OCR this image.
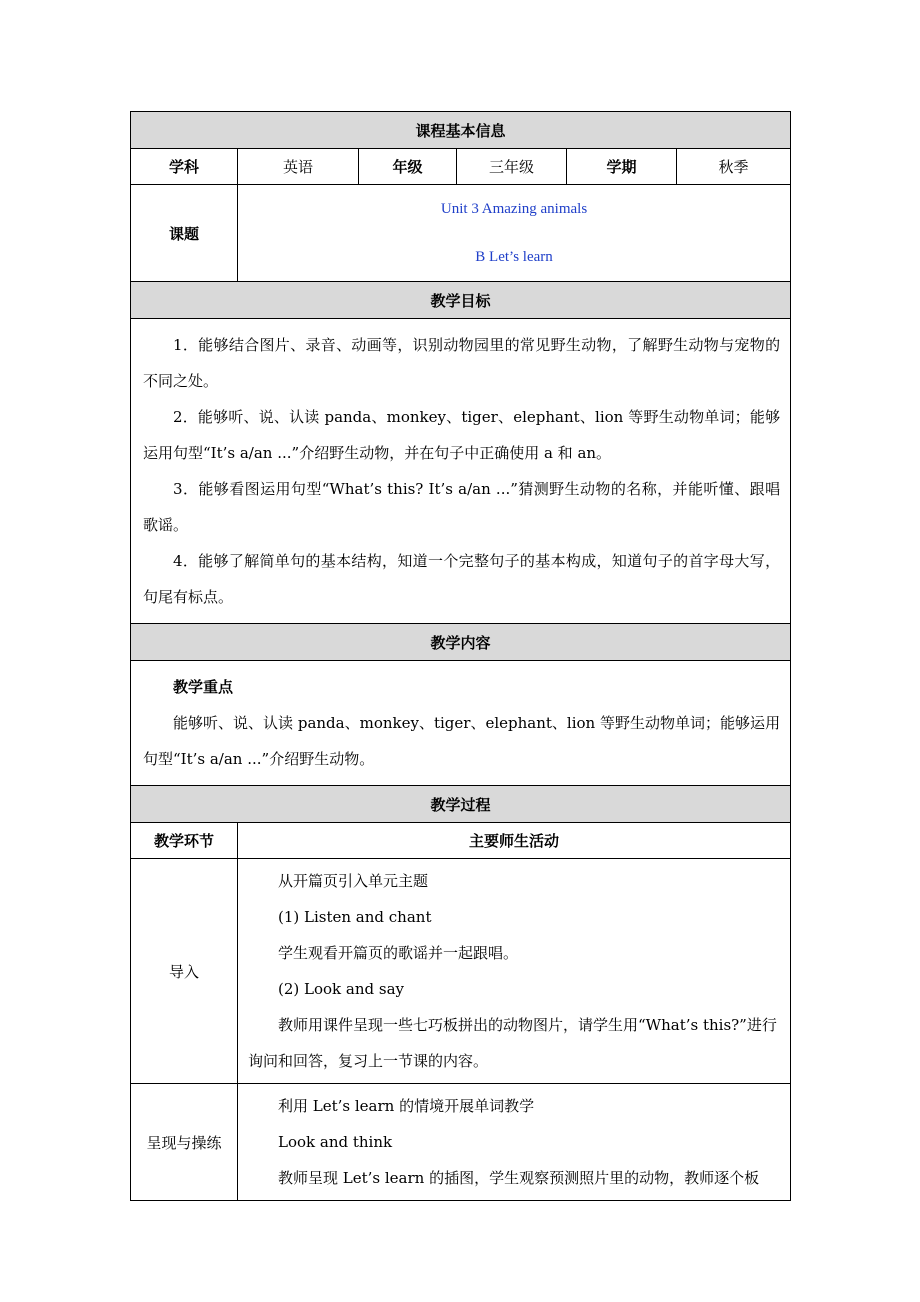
课程基本信息					
学科	英语	年级	三年级	学期	秋季
课题	Unit 3 Amazing animals
B Let’s learn				

教学目标					

1．能够结合图片、录音、动画等，识别动物园里的常见野生动物，了解野生动物与宠物的不同之处。

2．能够听、说、认读 panda、monkey、tiger、elephant、lion 等野生动物单词；能够运用句型“It’s a/an ...”介绍野生动物，并在句子中正确使用 a 和 an。

3．能够看图运用句型“What’s this? It’s a/an ...”猜测野生动物的名称，并能听懂、跟唱歌谣。

4．能够了解简单句的基本结构，知道一个完整句子的基本构成，知道句子的首字母大写，句尾有标点。					

教学内容					

教学重点

能够听、说、认读 panda、monkey、tiger、elephant、lion 等野生动物单词；能够运用句型“It’s a/an ...”介绍野生动物。					

教学过程					
教学环节	主要师生活动				
导入	从开篇页引入单元主题

(1) Listen and chant

学生观看开篇页的歌谣并一起跟唱。

(2) Look and say

教师用课件呈现一些七巧板拼出的动物图片，请学生用“What’s this?”进行询问和回答，复习上一节课的内容。				

呈现与操练	利用 Let’s learn 的情境开展单词教学

Look and think

教师呈现 Let’s learn 的插图，学生观察预测照片里的动物，教师逐个板				
